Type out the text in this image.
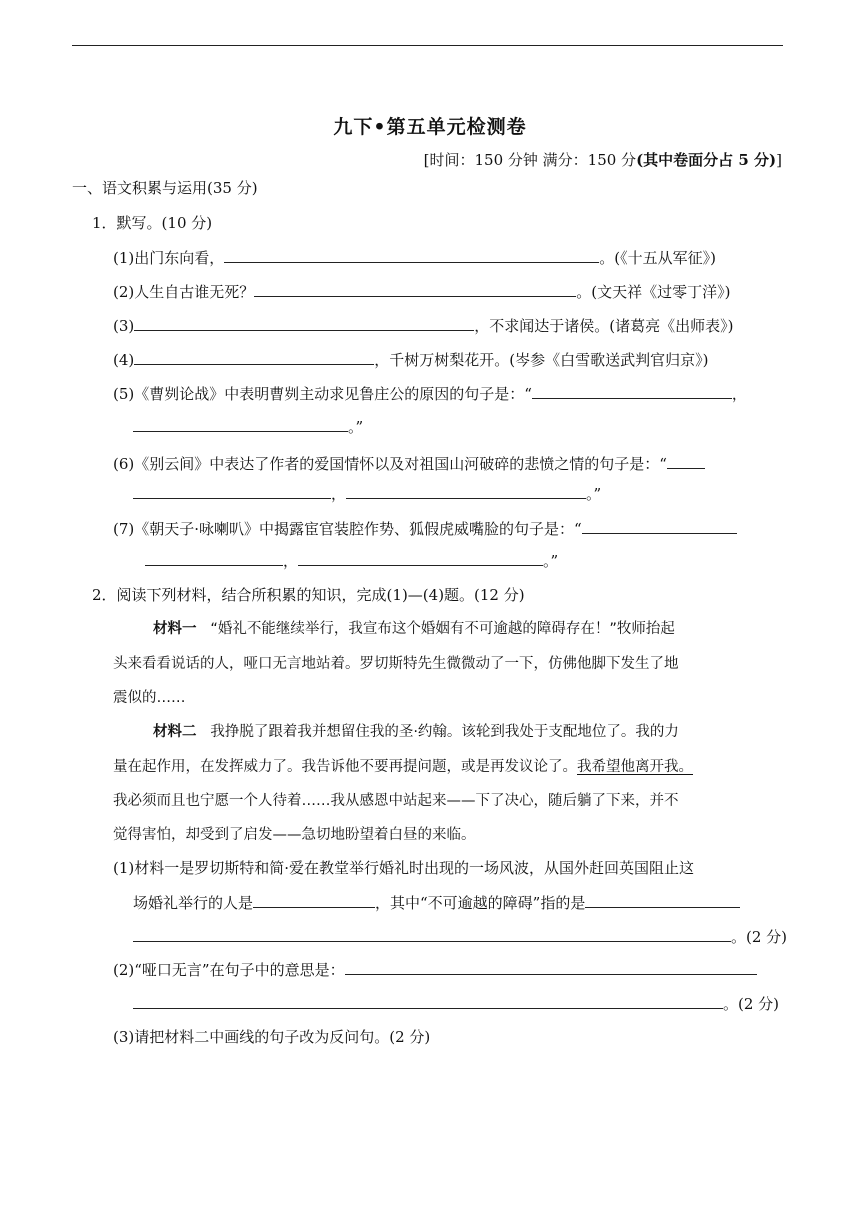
九下•第五单元检测卷
[时间：150 分钟 满分：150 分(其中卷面分占 5 分)]
一、语文积累与运用(35 分)
1．默写。(10 分)
(1)出门东向看，	。(《十五从军征》)
(2)人生自古谁无死？	。(文天祥《过零丁洋》)
(3)	，不求闻达于诸侯。(诸葛亮《出师表》)
(4)	，千树万树梨花开。(岑参《白雪歌送武判官归京》)
(5)《曹刿论战》中表明曹刿主动求见鲁庄公的原因的句子是：“	，
。”
(6)《别云间》中表达了作者的爱国情怀以及对祖国山河破碎的悲愤之情的句子是：“
，	。”
(7)《朝天子·咏喇叭》中揭露宦官装腔作势、狐假虎威嘴脸的句子是：“
，	。”
2．阅读下列材料，结合所积累的知识，完成(1)—(4)题。(12 分)
材料一 “婚礼不能继续举行，我宣布这个婚姻有不可逾越的障碍存在！”牧师抬起
头来看看说话的人，哑口无言地站着。罗切斯特先生微微动了一下，仿佛他脚下发生了地
震似的……
材料二 我挣脱了跟着我并想留住我的圣·约翰。该轮到我处于支配地位了。我的力
量在起作用，在发挥威力了。我告诉他不要再提问题，或是再发议论了。我希望他离开我。
我必须而且也宁愿一个人待着……我从感恩中站起来——下了决心，随后躺了下来，并不
觉得害怕，却受到了启发——急切地盼望着白昼的来临。
(1)材料一是罗切斯特和简·爱在教堂举行婚礼时出现的一场风波，从国外赶回英国阻止这
场婚礼举行的人是	，其中“不可逾越的障碍”指的是
。(2 分)
(2)“哑口无言”在句子中的意思是：
。(2 分)
(3)请把材料二中画线的句子改为反问句。(2 分)
